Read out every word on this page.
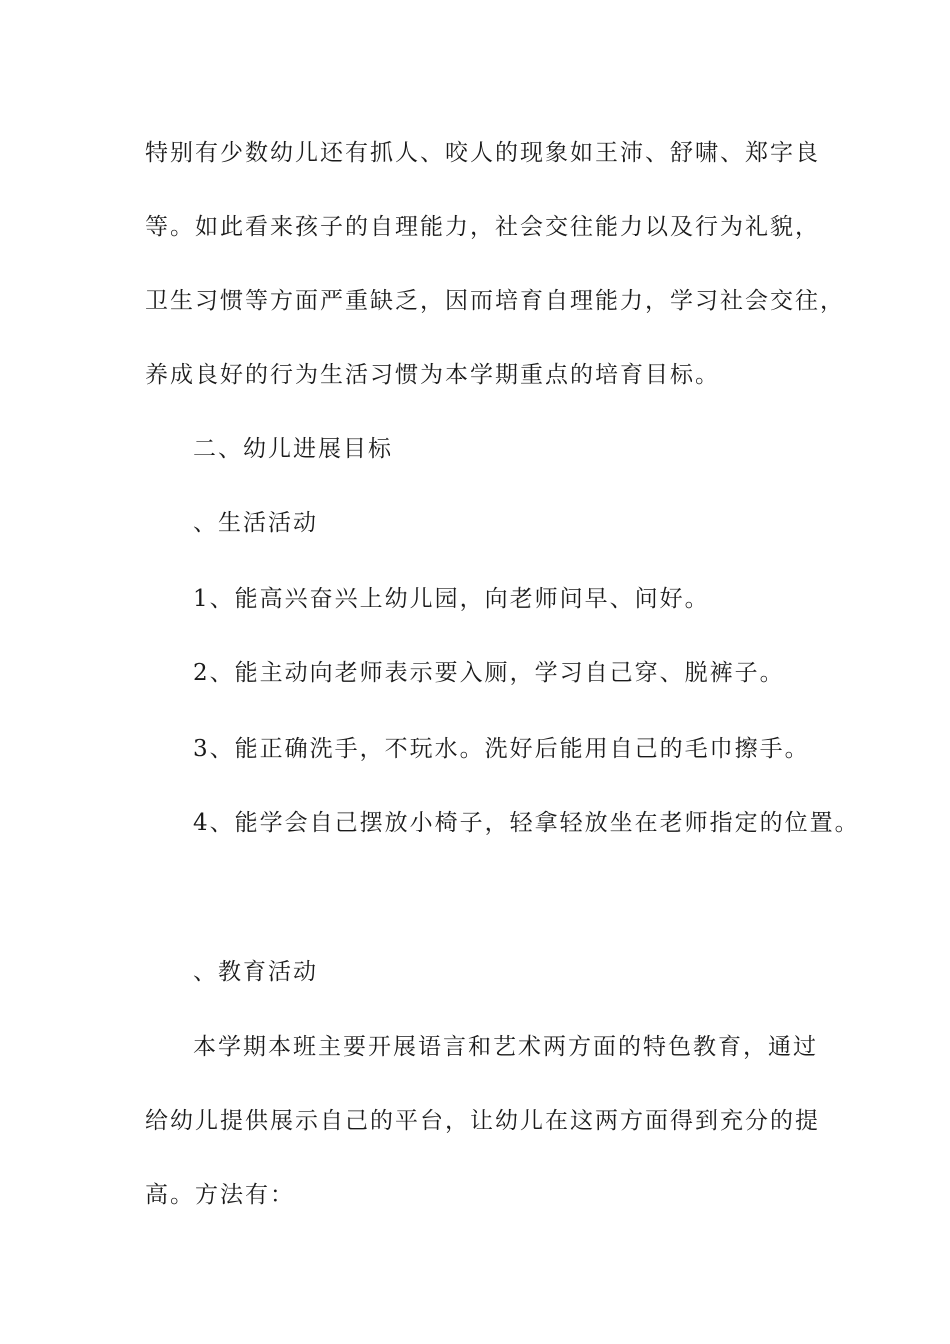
特别有少数幼儿还有抓人、咬人的现象如王沛、舒啸、郑字良
等。如此看来孩子的自理能力，社会交往能力以及行为礼貌，
卫生习惯等方面严重缺乏，因而培育自理能力，学习社会交往，
养成良好的行为生活习惯为本学期重点的培育目标。
二、幼儿进展目标
、生活活动
1、能高兴奋兴上幼儿园，向老师问早、问好。
2、能主动向老师表示要入厕，学习自己穿、脱裤子。
3、能正确洗手，不玩水。洗好后能用自己的毛巾擦手。
4、能学会自己摆放小椅子，轻拿轻放坐在老师指定的位置。
、教育活动
本学期本班主要开展语言和艺术两方面的特色教育，通过
给幼儿提供展示自己的平台，让幼儿在这两方面得到充分的提
高。方法有：
